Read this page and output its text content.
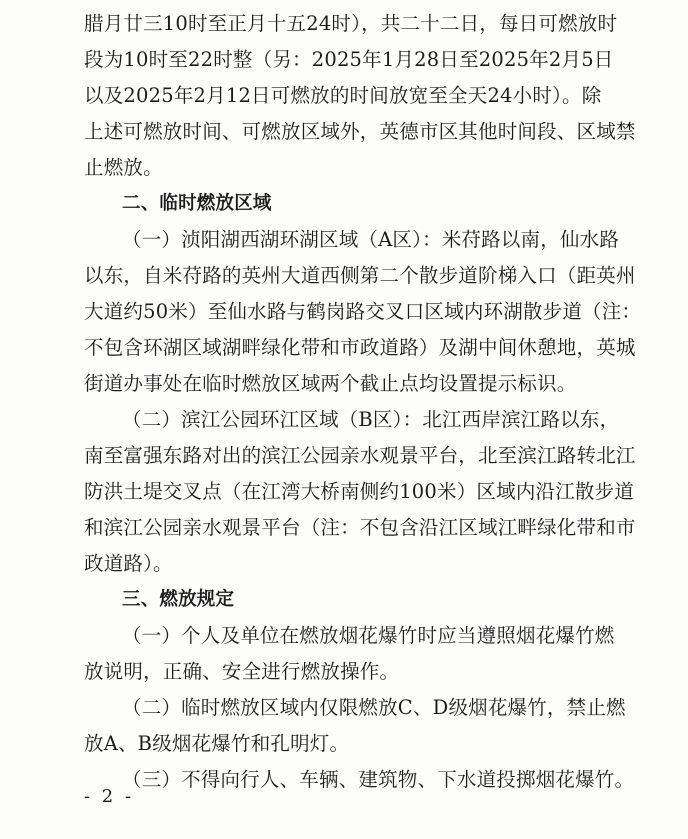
腊月廿三10时至正月十五24时），共二十二日，每日可燃放时
段为10时至22时整（另：2025年1月28日至2025年2月5日
以及2025年2月12日可燃放的时间放宽至全天24小时）。除
上述可燃放时间、可燃放区域外，英德市区其他时间段、区域禁
止燃放。
二、临时燃放区域
（一）浈阳湖西湖环湖区域（A区）：米苻路以南，仙水路
以东，自米苻路的英州大道西侧第二个散步道阶梯入口（距英州
大道约50米）至仙水路与鹤岗路交叉口区域内环湖散步道（注：
不包含环湖区域湖畔绿化带和市政道路）及湖中间休憩地，英城
街道办事处在临时燃放区域两个截止点均设置提示标识。
（二）滨江公园环江区域（B区）：北江西岸滨江路以东，
南至富强东路对出的滨江公园亲水观景平台，北至滨江路转北江
防洪土堤交叉点（在江湾大桥南侧约100米）区域内沿江散步道
和滨江公园亲水观景平台（注：不包含沿江区域江畔绿化带和市
政道路）。
三、燃放规定
（一）个人及单位在燃放烟花爆竹时应当遵照烟花爆竹燃
放说明，正确、安全进行燃放操作。
（二）临时燃放区域内仅限燃放C、D级烟花爆竹，禁止燃
放A、B级烟花爆竹和孔明灯。
（三）不得向行人、车辆、建筑物、下水道投掷烟花爆竹。
- 2 -
